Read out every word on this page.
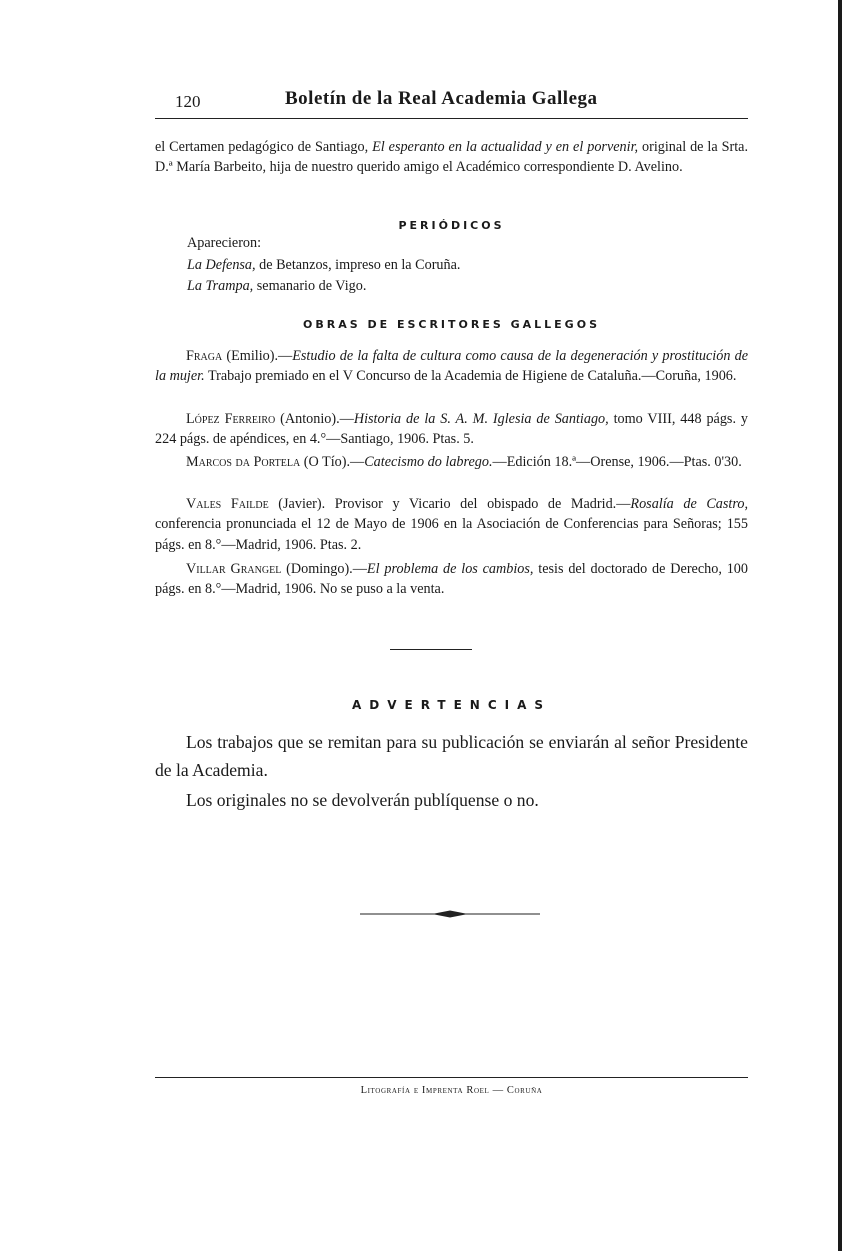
120	Boletín de la Real Academia Gallega

el Certamen pedagógico de Santiago, El esperanto en la actualidad y en el porvenir, original de la Srta. D.ª María Barbeito, hija de nuestro querido amigo el Académico correspondiente D. Avelino.

PERIÓDICOS

Aparecieron:

La Defensa, de Betanzos, impreso en la Coruña.

La Trampa, semanario de Vigo.

OBRAS DE ESCRITORES GALLEGOS

Fraga (Emilio).—Estudio de la falta de cultura como causa de la degeneración y prostitución de la mujer. Trabajo premiado en el V Concurso de la Academia de Higiene de Cataluña.—Coruña, 1906.

López Ferreiro (Antonio).—Historia de la S. A. M. Iglesia de Santiago, tomo VIII, 448 págs. y 224 págs. de apéndices, en 4.°—Santiago, 1906. Ptas. 5.

Marcos da Portela (O Tío).—Catecismo do labrego.—Edición 18.ª—Orense, 1906.—Ptas. 0'30.

Vales Failde (Javier). Provisor y Vicario del obispado de Madrid.—Rosalía de Castro, conferencia pronunciada el 12 de Mayo de 1906 en la Asociación de Conferencias para Señoras; 155 págs. en 8.°—Madrid, 1906. Ptas. 2.

Villar Grangel (Domingo).—El problema de los cambios, tesis del doctorado de Derecho, 100 págs. en 8.°—Madrid, 1906. No se puso a la venta.

ADVERTENCIAS

Los trabajos que se remitan para su publicación se enviarán al señor Presidente de la Academia.

Los originales no se devolverán publíquense o no.

Litografía e Imprenta Roel — Coruña
